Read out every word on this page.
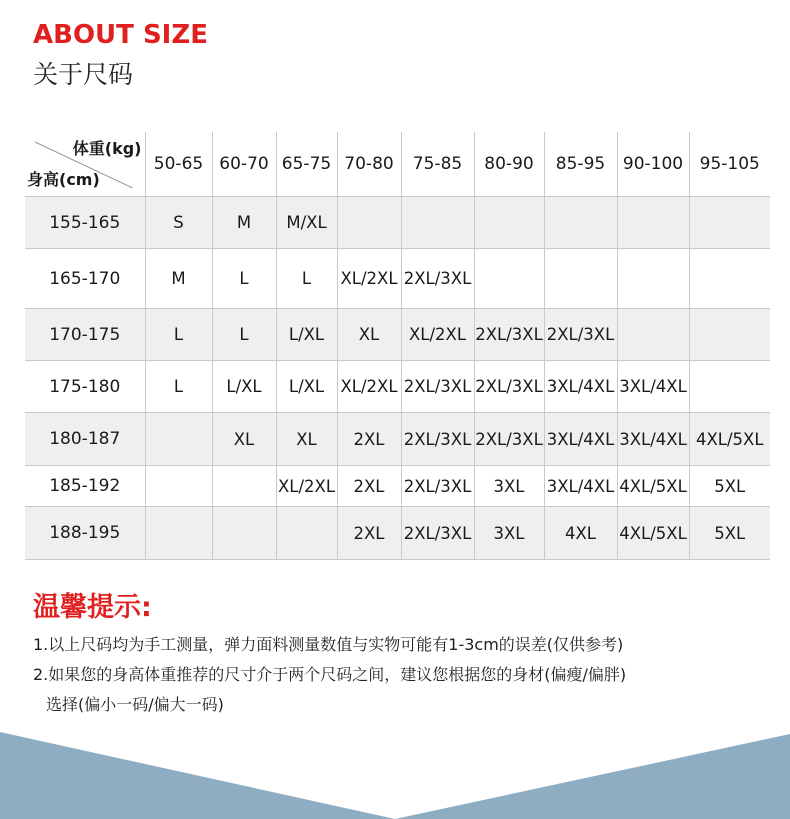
ABOUT SIZE
关于尺码
体重(kg)
身高(cm)	50-65	60-70	65-75	70-80	75-85	80-90	85-95	90-100	95-105
155-165	S	M	M/XL						
165-170	M	L	L	XL/2XL	2XL/3XL				
170-175	L	L	L/XL	XL	XL/2XL	2XL/3XL	2XL/3XL		
175-180	L	L/XL	L/XL	XL/2XL	2XL/3XL	2XL/3XL	3XL/4XL	3XL/4XL	
180-187		XL	XL	2XL	2XL/3XL	2XL/3XL	3XL/4XL	3XL/4XL	4XL/5XL
185-192			XL/2XL	2XL	2XL/3XL	3XL	3XL/4XL	4XL/5XL	5XL
188-195				2XL	2XL/3XL	3XL	4XL	4XL/5XL	5XL
温馨提示:
1.以上尺码均为手工测量，弹力面料测量数值与实物可能有1-3cm的误差(仅供参考)
2.如果您的身高体重推荐的尺寸介于两个尺码之间，建议您根据您的身材(偏瘦/偏胖)
选择(偏小一码/偏大一码)
